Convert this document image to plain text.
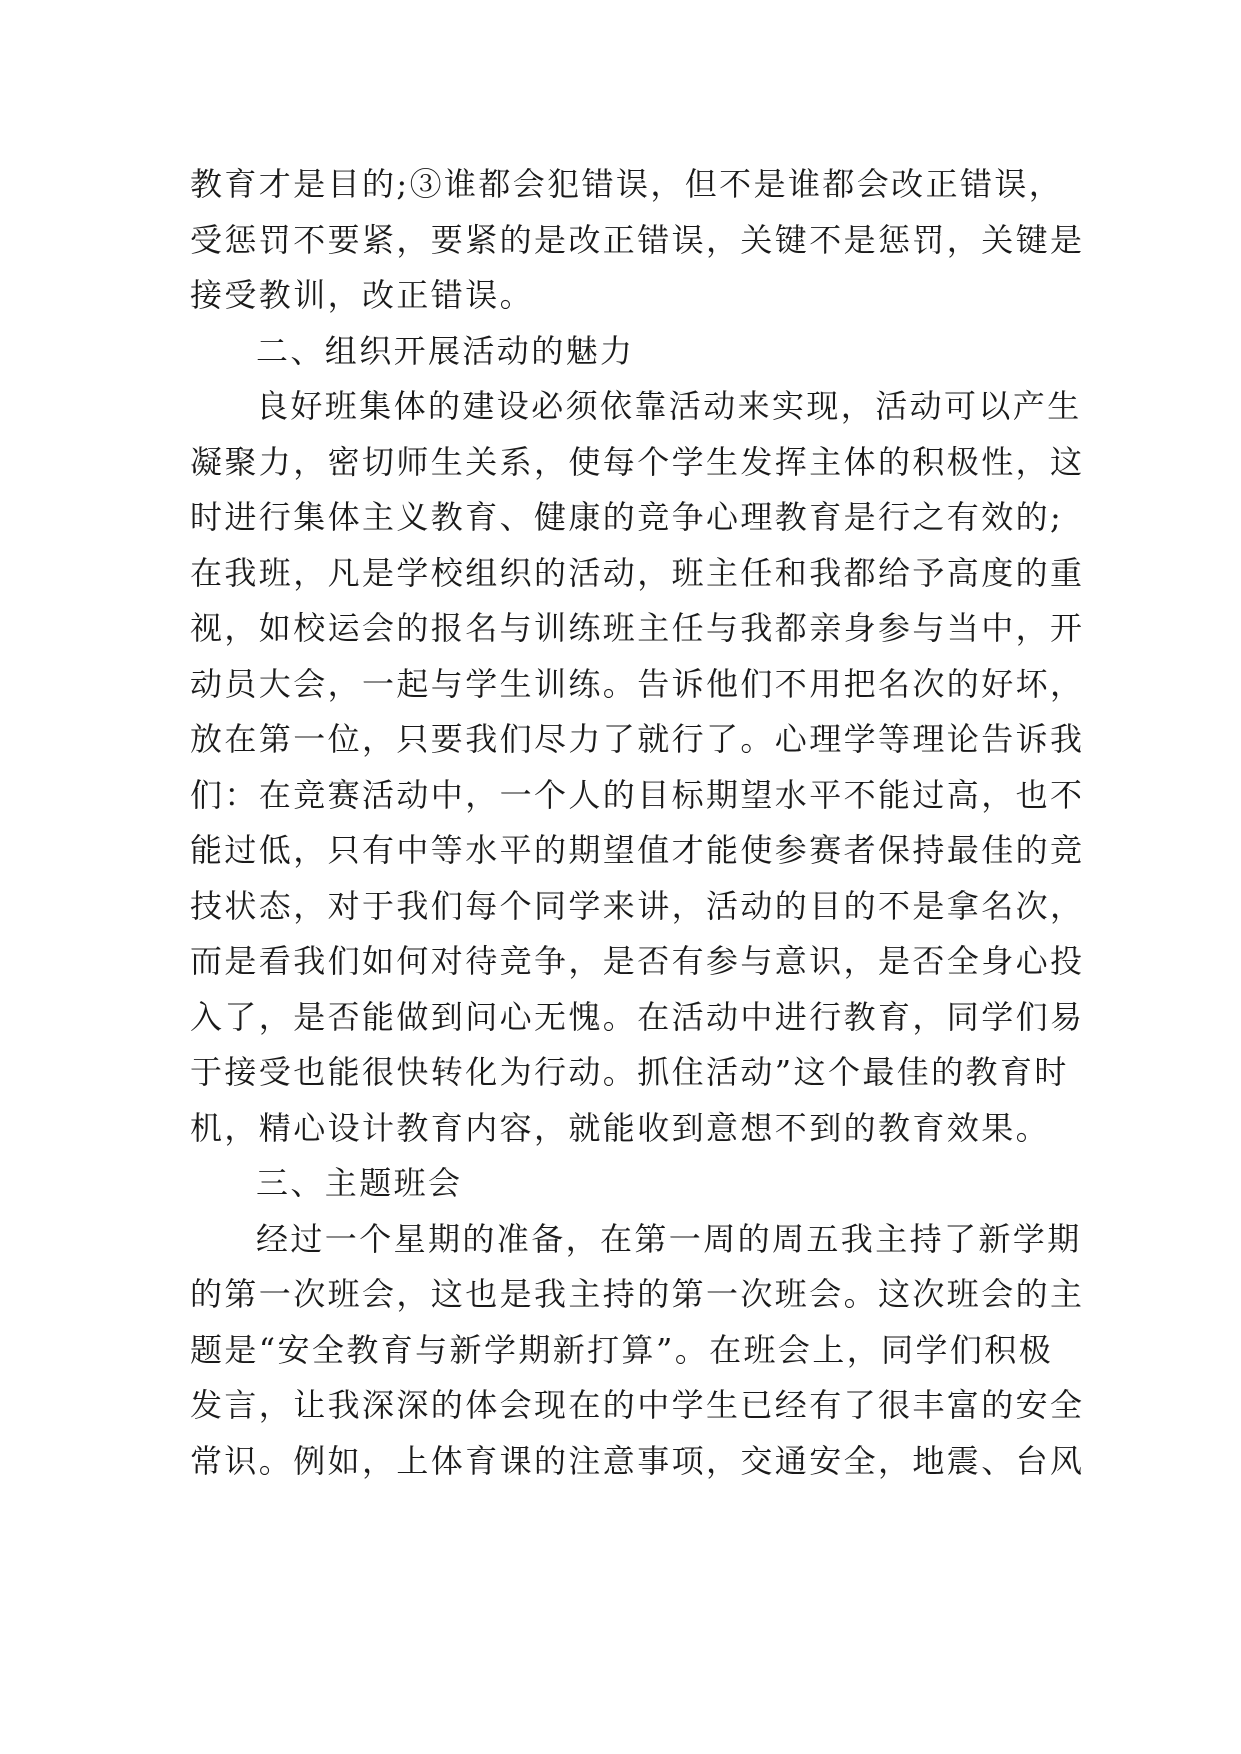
教育才是目的;③谁都会犯错误，但不是谁都会改正错误，
受惩罚不要紧，要紧的是改正错误，关键不是惩罚，关键是
接受教训，改正错误。
二、组织开展活动的魅力
良好班集体的建设必须依靠活动来实现，活动可以产生
凝聚力，密切师生关系，使每个学生发挥主体的积极性，这
时进行集体主义教育、健康的竞争心理教育是行之有效的;
在我班，凡是学校组织的活动，班主任和我都给予高度的重
视，如校运会的报名与训练班主任与我都亲身参与当中，开
动员大会，一起与学生训练。告诉他们不用把名次的好坏，
放在第一位，只要我们尽力了就行了。心理学等理论告诉我
们：在竞赛活动中，一个人的目标期望水平不能过高，也不
能过低，只有中等水平的期望值才能使参赛者保持最佳的竞
技状态，对于我们每个同学来讲，活动的目的不是拿名次，
而是看我们如何对待竞争，是否有参与意识，是否全身心投
入了，是否能做到问心无愧。在活动中进行教育，同学们易
于接受也能很快转化为行动。抓住活动”这个最佳的教育时
机，精心设计教育内容，就能收到意想不到的教育效果。
三、主题班会
经过一个星期的准备，在第一周的周五我主持了新学期
的第一次班会，这也是我主持的第一次班会。这次班会的主
题是“安全教育与新学期新打算”。在班会上，同学们积极
发言，让我深深的体会现在的中学生已经有了很丰富的安全
常识。例如，上体育课的注意事项，交通安全，地震、台风
